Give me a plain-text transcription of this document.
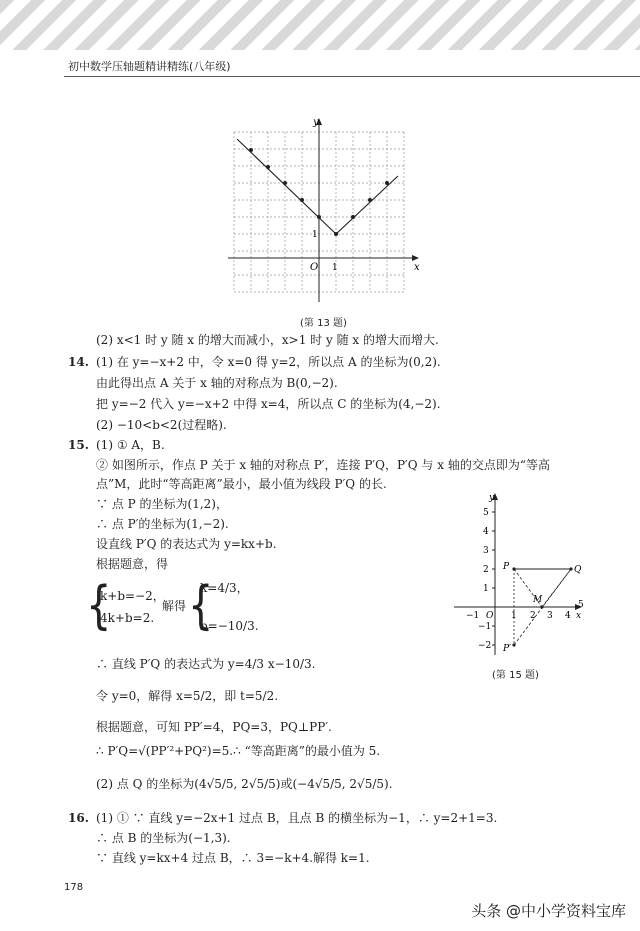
初中数学压轴题精讲精练(八年级)
y
x
O 1
1
(第 13 题)
(2) x<1 时 y 随 x 的增大而减小，x>1 时 y 随 x 的增大而增大.
14. (1) 在 y=−x+2 中，令 x=0 得 y=2，所以点 A 的坐标为(0,2).
由此得出点 A 关于 x 轴的对称点为 B(0,−2).
把 y=−2 代入 y=−x+2 中得 x=4，所以点 C 的坐标为(4,−2).
(2) −10<b<2(过程略).
15. (1) ① A，B.
② 如图所示，作点 P 关于 x 轴的对称点 P′，连接 P′Q，P′Q 与 x 轴的交点即为“等高
点”M，此时“等高距离”最小，最小值为线段 P′Q 的长.
∵ 点 P 的坐标为(1,2)，
∴ 点 P′的坐标为(1,−2).
设直线 P′Q 的表达式为 y=kx+b.
根据题意，得
{
k+b=−2，
4k+b=2.
解得 {
k=4/3，
b=−10/3.
∴ 直线 P′Q 的表达式为 y=4/3 x−10/3.
令 y=0，解得 x=5/2，即 t=5/2.
根据题意，可知 PP′=4，PQ=3，PQ⊥PP′.
∴ P′Q=√(PP′²+PQ²)=5.∴ “等高距离”的最小值为 5.
(2) 点 Q 的坐标为(4√5/5, 2√5/5)或(−4√5/5, 2√5/5).
16. (1) ① ∵ 直线 y=−2x+1 过点 B，且点 B 的横坐标为−1，∴ y=2+1=3.
∴ 点 B 的坐标为(−1,3).
∵ 直线 y=kx+4 过点 B，∴ 3=−k+4.解得 k=1.
y
x
P	Q
M
P′
−1 O 1 2 3 4
5
5
4
3
2
1
−1
−2
(第 15 题)
178
头条 @中小学资料宝库
